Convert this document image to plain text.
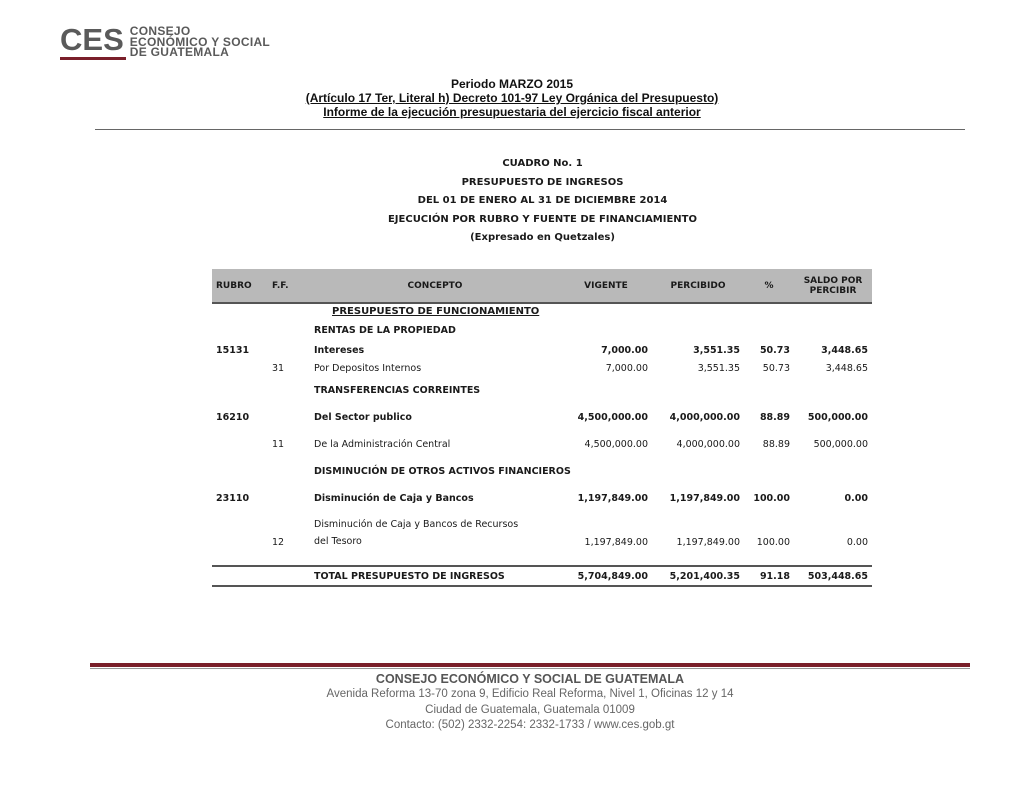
CES CONSEJO
ECONÓMICO Y SOCIAL
DE GUATEMALA
Periodo MARZO 2015
(Artículo 17 Ter, Literal h) Decreto 101-97 Ley Orgánica del Presupuesto)
Informe de la ejecución presupuestaria del ejercicio fiscal anterior
CUADRO No. 1
PRESUPUESTO DE INGRESOS
DEL 01 DE ENERO AL 31 DE DICIEMBRE 2014
EJECUCIÓN POR RUBRO Y FUENTE DE FINANCIAMIENTO
(Expresado en Quetzales)
RUBRO	F.F.	CONCEPTO	VIGENTE	PERCIBIDO	%	SALDO POR PERCIBIR
		PRESUPUESTO DE FUNCIONAMIENTO				
		RENTAS DE LA PROPIEDAD				
15131		Intereses	7,000.00	3,551.35	50.73	3,448.65
	31	Por Depositos Internos	7,000.00	3,551.35	50.73	3,448.65
		TRANSFERENCIAS CORREINTES				
16210		Del Sector publico	4,500,000.00	4,000,000.00	88.89	500,000.00
	11	De la Administración Central	4,500,000.00	4,000,000.00	88.89	500,000.00
		DISMINUCIÓN DE OTROS ACTIVOS FINANCIEROS				
23110		Disminución de Caja y Bancos	1,197,849.00	1,197,849.00	100.00	0.00
	12	Disminución de Caja y Bancos de Recursos
del Tesoro	1,197,849.00	1,197,849.00	100.00	0.00

		TOTAL PRESUPUESTO DE INGRESOS	5,704,849.00	5,201,400.35	91.18	503,448.65
CONSEJO ECONÓMICO Y SOCIAL DE GUATEMALA
Avenida Reforma 13-70 zona 9, Edificio Real Reforma, Nivel 1, Oficinas 12 y 14
Ciudad de Guatemala, Guatemala 01009
Contacto: (502) 2332-2254: 2332-1733 / www.ces.gob.gt
